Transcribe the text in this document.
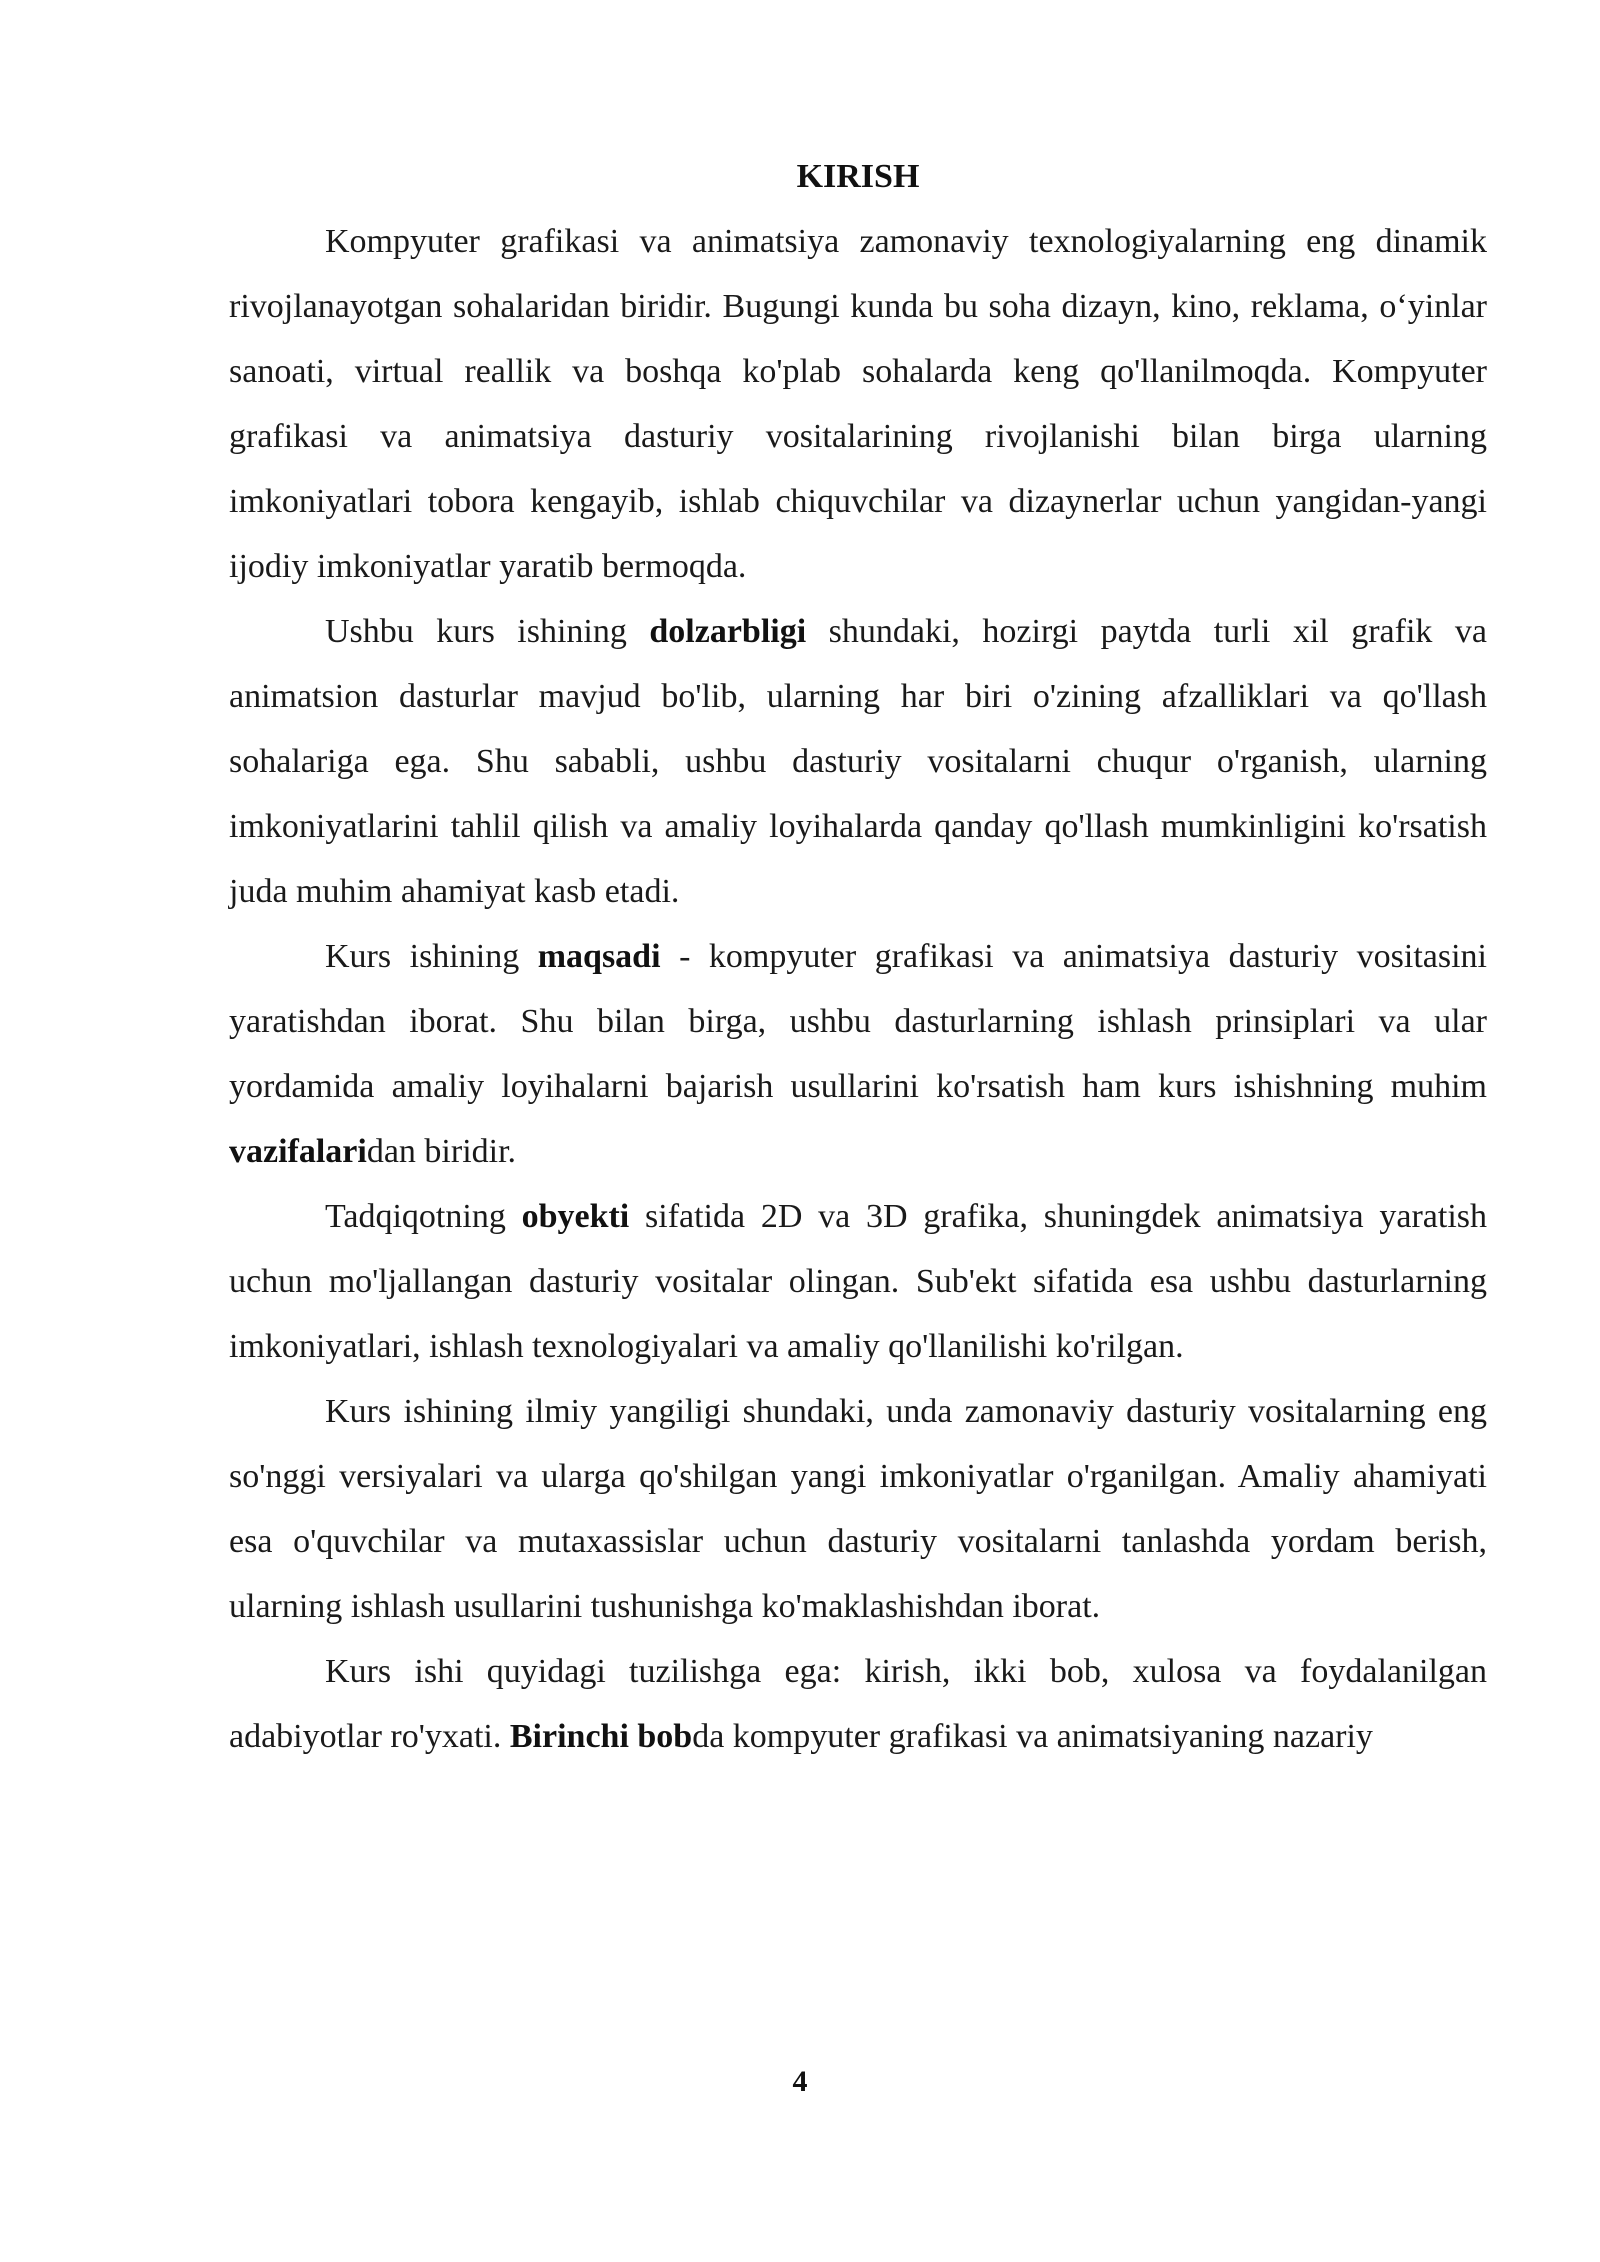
KIRISH

Kompyuter grafikasi va animatsiya zamonaviy texnologiyalarning eng dinamik rivojlanayotgan sohalaridan biridir. Bugungi kunda bu soha dizayn, kino, reklama, o‘yinlar sanoati, virtual reallik va boshqa ko'plab sohalarda keng qo'llanilmoqda. Kompyuter grafikasi va animatsiya dasturiy vositalarining rivojlanishi bilan birga ularning imkoniyatlari tobora kengayib, ishlab chiquvchilar va dizaynerlar uchun yangidan-yangi ijodiy imkoniyatlar yaratib bermoqda.

Ushbu kurs ishining dolzarbligi shundaki, hozirgi paytda turli xil grafik va animatsion dasturlar mavjud bo'lib, ularning har biri o'zining afzalliklari va qo'llash sohalariga ega. Shu sababli, ushbu dasturiy vositalarni chuqur o'rganish, ularning imkoniyatlarini tahlil qilish va amaliy loyihalarda qanday qo'llash mumkinligini ko'rsatish juda muhim ahamiyat kasb etadi.

Kurs ishining maqsadi - kompyuter grafikasi va animatsiya dasturiy vositasini yaratishdan iborat. Shu bilan birga, ushbu dasturlarning ishlash prinsiplari va ular yordamida amaliy loyihalarni bajarish usullarini ko'rsatish ham kurs ishishning muhim vazifalaridan biridir.

Tadqiqotning obyekti sifatida 2D va 3D grafika, shuningdek animatsiya yaratish uchun mo'ljallangan dasturiy vositalar olingan. Sub'ekt sifatida esa ushbu dasturlarning imkoniyatlari, ishlash texnologiyalari va amaliy qo'llanilishi ko'rilgan.

Kurs ishining ilmiy yangiligi shundaki, unda zamonaviy dasturiy vositalarning eng so'nggi versiyalari va ularga qo'shilgan yangi imkoniyatlar o'rganilgan. Amaliy ahamiyati esa o'quvchilar va mutaxassislar uchun dasturiy vositalarni tanlashda yordam berish, ularning ishlash usullarini tushunishga ko'maklashishdan iborat.

Kurs ishi quyidagi tuzilishga ega: kirish, ikki bob, xulosa va foydalanilgan adabiyotlar ro'yxati. Birinchi bobda kompyuter grafikasi va animatsiyaning nazariy

4
